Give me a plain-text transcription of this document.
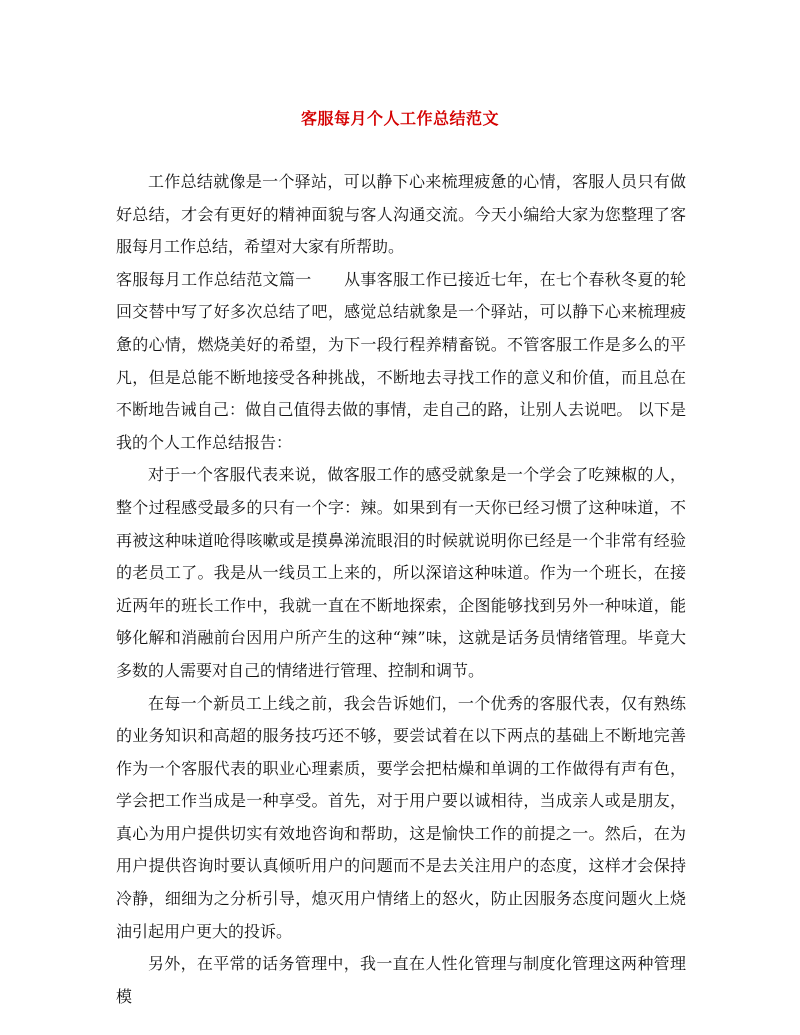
客服每月个人工作总结范文

工作总结就像是一个驿站，可以静下心来梳理疲惫的心情，客服人员只有做好总结，才会有更好的精神面貌与客人沟通交流。今天小编给大家为您整理了客服每月工作总结，希望对大家有所帮助。

客服每月工作总结范文篇一　　从事客服工作已接近七年，在七个春秋冬夏的轮回交替中写了好多次总结了吧，感觉总结就象是一个驿站，可以静下心来梳理疲惫的心情，燃烧美好的希望，为下一段行程养精畜锐。不管客服工作是多么的平凡，但是总能不断地接受各种挑战，不断地去寻找工作的意义和价值，而且总在不断地告诫自己：做自己值得去做的事情，走自己的路，让别人去说吧。 以下是我的个人工作总结报告：

对于一个客服代表来说，做客服工作的感受就象是一个学会了吃辣椒的人，整个过程感受最多的只有一个字：辣。如果到有一天你已经习惯了这种味道，不再被这种味道呛得咳嗽或是摸鼻涕流眼泪的时候就说明你已经是一个非常有经验的老员工了。我是从一线员工上来的，所以深谙这种味道。作为一个班长，在接近两年的班长工作中，我就一直在不断地探索，企图能够找到另外一种味道，能够化解和消融前台因用户所产生的这种“辣”味，这就是话务员情绪管理。毕竟大多数的人需要对自己的情绪进行管理、控制和调节。

在每一个新员工上线之前，我会告诉她们，一个优秀的客服代表，仅有熟练的业务知识和高超的服务技巧还不够，要尝试着在以下两点的基础上不断地完善作为一个客服代表的职业心理素质，要学会把枯燥和单调的工作做得有声有色，学会把工作当成是一种享受。首先，对于用户要以诚相待，当成亲人或是朋友，真心为用户提供切实有效地咨询和帮助，这是愉快工作的前提之一。然后，在为用户提供咨询时要认真倾听用户的问题而不是去关注用户的态度，这样才会保持冷静，细细为之分析引导，熄灭用户情绪上的怒火，防止因服务态度问题火上烧油引起用户更大的投诉。

另外，在平常的话务管理中，我一直在人性化管理与制度化管理这两种管理模
